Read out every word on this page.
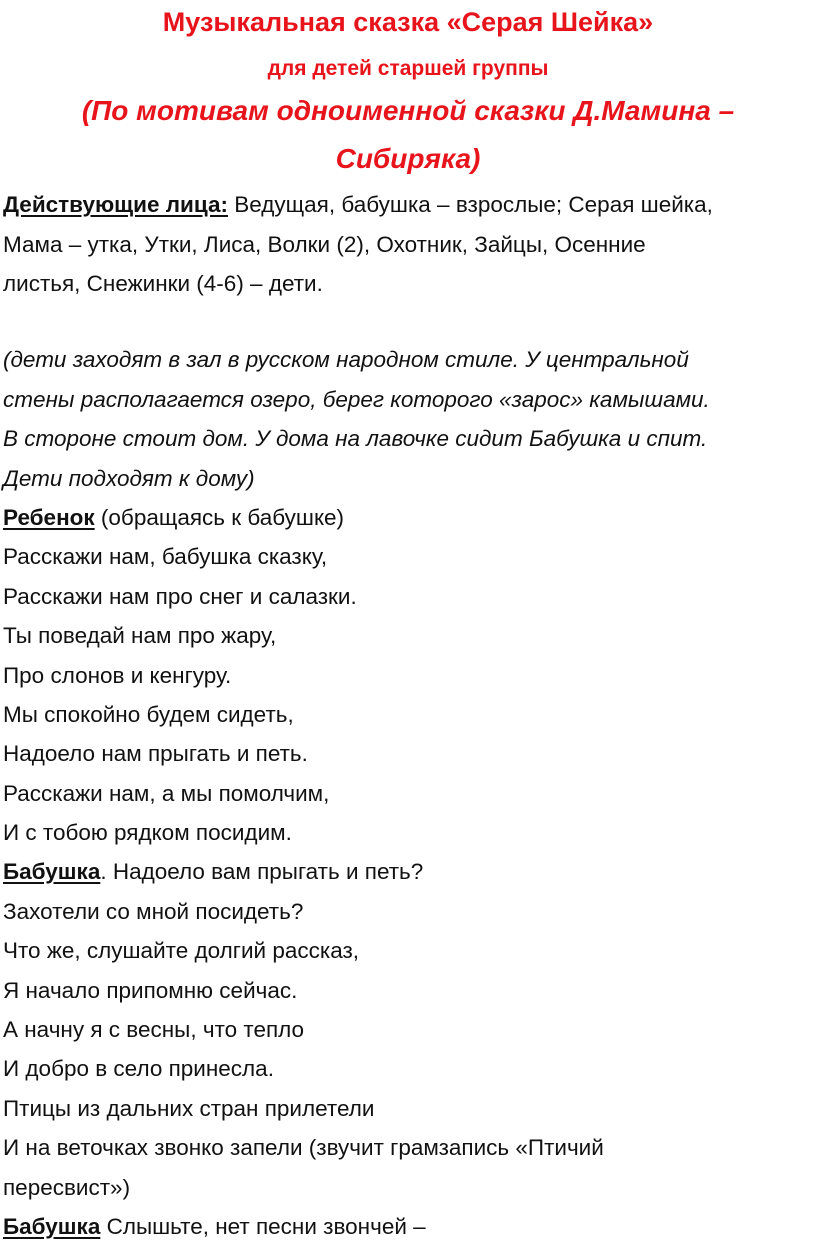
Музыкальная сказка «Серая Шейка»
для детей старшей группы
(По мотивам одноименной сказки Д.Мамина –
Сибиряка)
Действующие лица: Ведущая, бабушка – взрослые; Серая шейка,
Мама – утка, Утки, Лиса, Волки (2), Охотник, Зайцы, Осенние
листья, Снежинки (4-6) – дети.
(дети заходят в зал в русском народном стиле. У центральной
стены располагается озеро, берег которого «зарос» камышами.
В стороне стоит дом. У дома на лавочке сидит Бабушка и спит.
Дети подходят к дому)
Ребенок (обращаясь к бабушке)
Расскажи нам, бабушка сказку,
Расскажи нам про снег и салазки.
Ты поведай нам про жару,
Про слонов и кенгуру.
Мы спокойно будем сидеть,
Надоело нам прыгать и петь.
Расскажи нам, а мы помолчим,
И с тобою рядком посидим.
Бабушка. Надоело вам прыгать и петь?
Захотели со мной посидеть?
Что же, слушайте долгий рассказ,
Я начало припомню сейчас.
А начну я с весны, что тепло
И добро в село принесла.
Птицы из дальних стран прилетели
И на веточках звонко запели (звучит грамзапись «Птичий
пересвист»)
Бабушка Слышьте, нет песни звончей –
